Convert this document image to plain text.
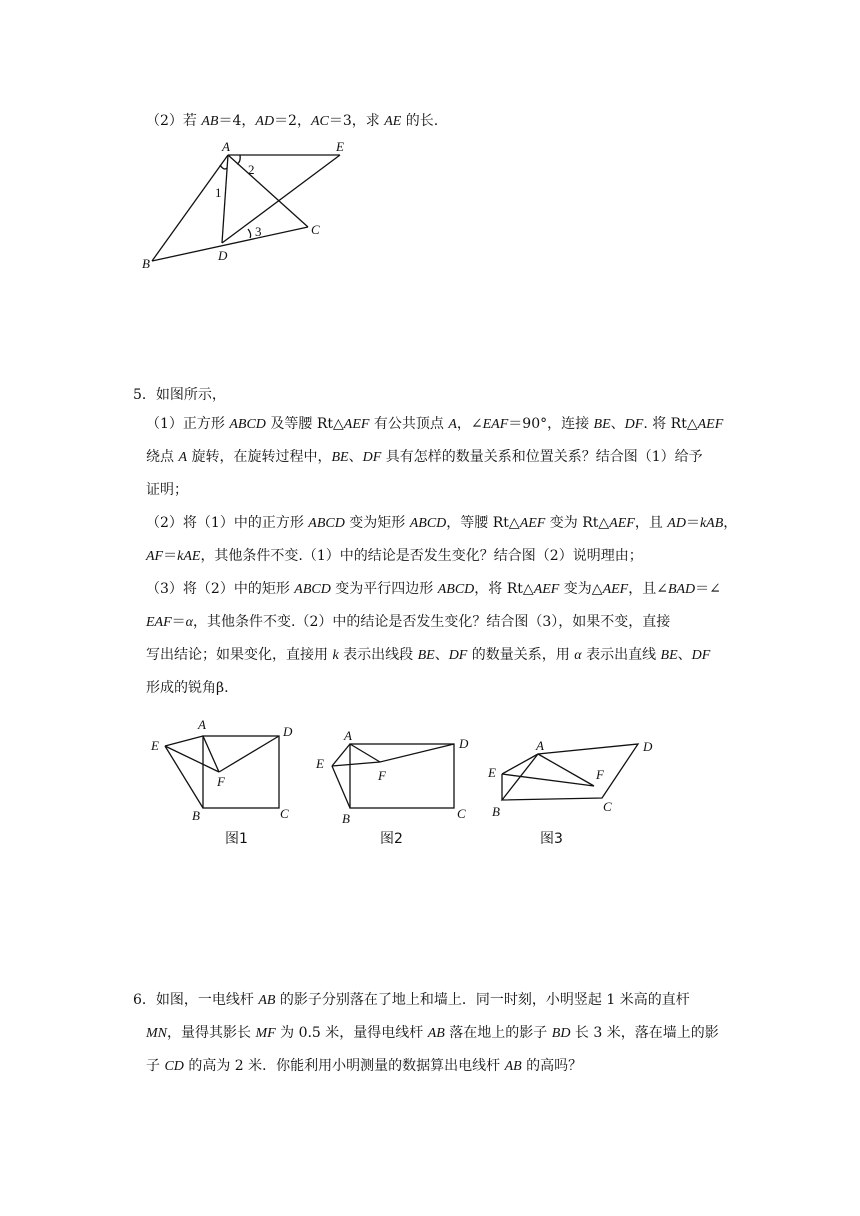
（2）若 AB＝4，AD＝2，AC＝3，求 AE 的长.
A	E
B
D
C
1
2
3
5．如图所示，
（1）正方形 ABCD 及等腰 Rt△AEF 有公共顶点 A，∠EAF＝90°，连接 BE、DF. 将 Rt△AEF
绕点 A 旋转，在旋转过程中，BE、DF 具有怎样的数量关系和位置关系？结合图（1）给予
证明；
（2）将（1）中的正方形 ABCD 变为矩形 ABCD，等腰 Rt△AEF 变为 Rt△AEF，且 AD＝kAB，
AF＝kAE，其他条件不变.（1）中的结论是否发生变化？结合图（2）说明理由；
（3）将（2）中的矩形 ABCD 变为平行四边形 ABCD，将 Rt△AEF 变为△AEF，且∠BAD＝∠
EAF＝α，其他条件不变.（2）中的结论是否发生变化？结合图（3），如果不变，直接
写出结论；如果变化，直接用 k 表示出线段 BE、DF 的数量关系，用 α 表示出直线 BE、DF
形成的锐角β.
A	D
E
F
B	C
图1
A
D
E
F
B	C
图2
A	D
E	F
B	C
图3
6．如图，一电线杆 AB 的影子分别落在了地上和墙上．同一时刻，小明竖起 1 米高的直杆
MN，量得其影长 MF 为 0.5 米，量得电线杆 AB 落在地上的影子 BD 长 3 米，落在墙上的影
子 CD 的高为 2 米．你能利用小明测量的数据算出电线杆 AB 的高吗？
